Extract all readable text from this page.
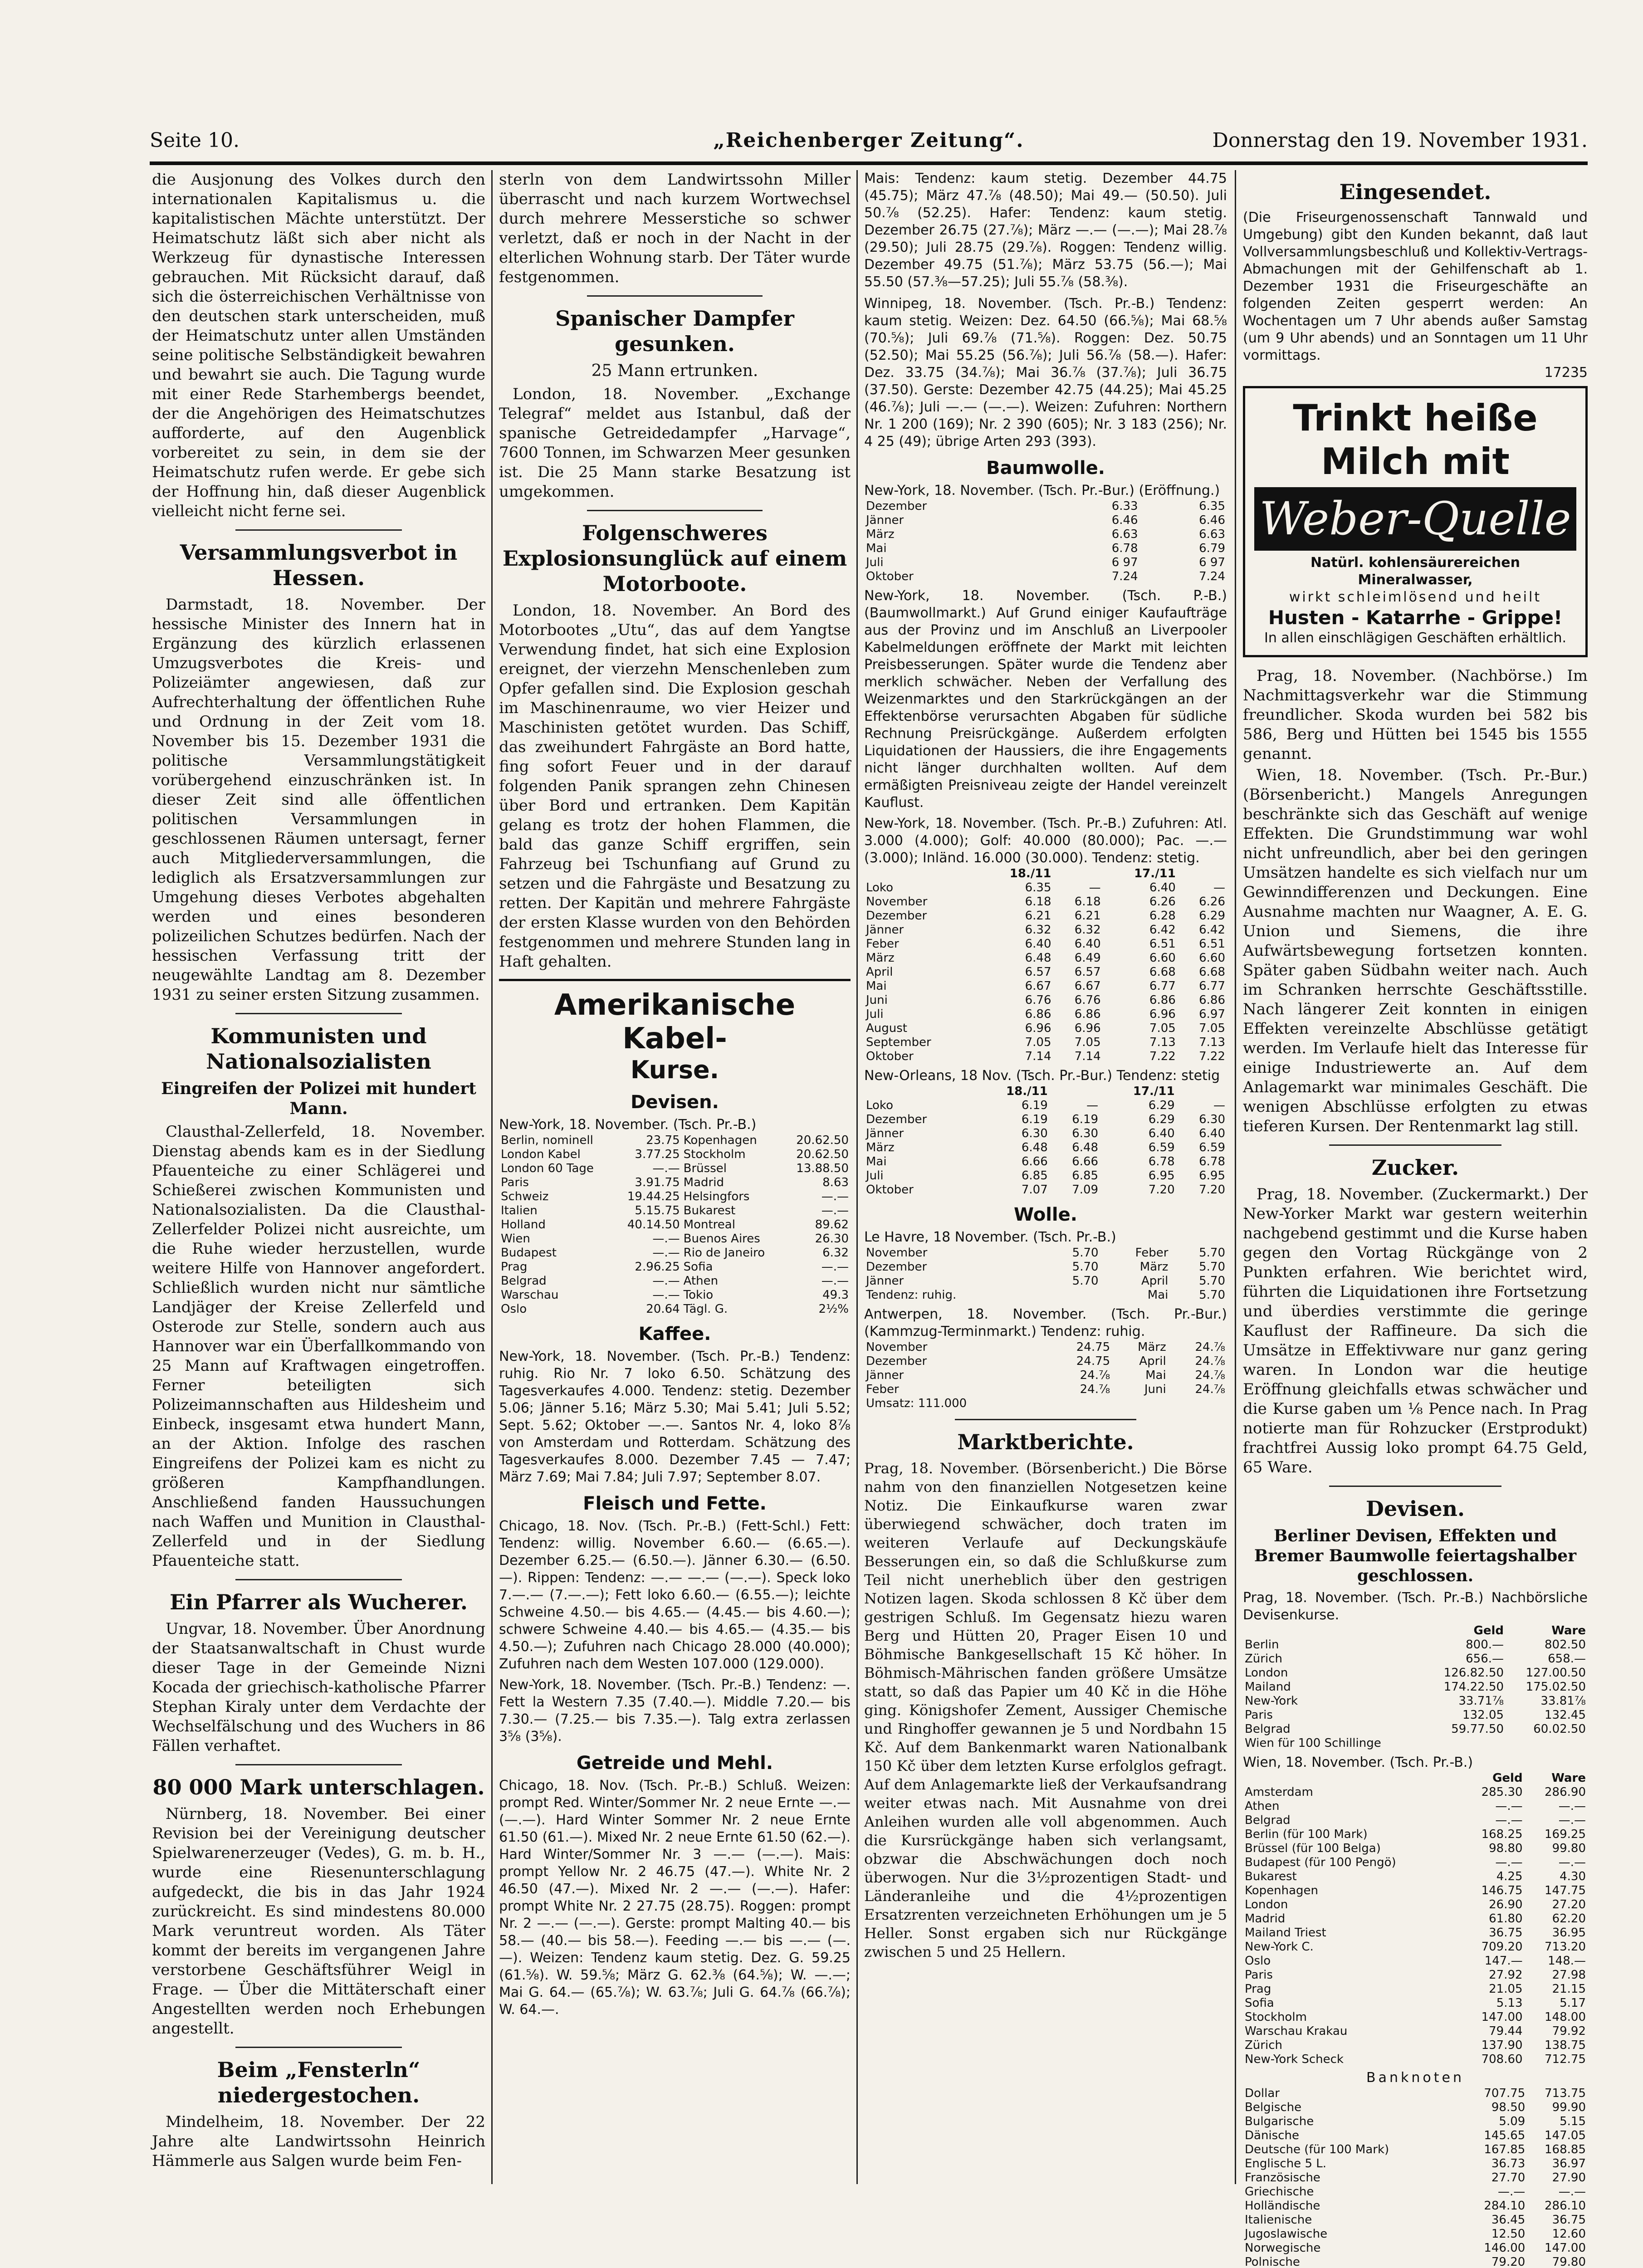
Seite 10.	„Reichenberger Zeitung“.	Donnerstag den 19. November 1931.

die Ausjonung des Volkes durch den internationalen Kapitalismus u. die kapitalistischen Mächte unterstützt. Der Heimatschutz läßt sich aber nicht als Werkzeug für dynastische Interessen gebrauchen. Mit Rücksicht darauf, daß sich die österreichischen Verhältnisse von den deutschen stark unterscheiden, muß der Heimatschutz unter allen Umständen seine politische Selbständigkeit bewahren und bewahrt sie auch. Die Tagung wurde mit einer Rede Starhembergs beendet, der die Angehörigen des Heimatschutzes aufforderte, auf den Augenblick vorbereitet zu sein, in dem sie der Heimatschutz rufen werde. Er gebe sich der Hoffnung hin, daß dieser Augenblick vielleicht nicht ferne sei.

Versammlungsverbot in Hessen.

Darmstadt, 18. November. Der hessische Minister des Innern hat in Ergänzung des kürzlich erlassenen Umzugsverbotes die Kreis- und Polizeiämter angewiesen, daß zur Aufrechterhaltung der öffentlichen Ruhe und Ordnung in der Zeit vom 18. November bis 15. Dezember 1931 die politische Versammlungstätigkeit vorübergehend einzuschränken ist. In dieser Zeit sind alle öffentlichen politischen Versammlungen in geschlossenen Räumen untersagt, ferner auch Mitgliederversammlungen, die lediglich als Ersatzversammlungen zur Umgehung dieses Verbotes abgehalten werden und eines besonderen polizeilichen Schutzes bedürfen. Nach der hessischen Verfassung tritt der neugewählte Landtag am 8. Dezember 1931 zu seiner ersten Sitzung zusammen.

Kommunisten und Nationalsozialisten
Eingreifen der Polizei mit hundert Mann.

Clausthal-Zellerfeld, 18. November. Dienstag abends kam es in der Siedlung Pfauenteiche zu einer Schlägerei und Schießerei zwischen Kommunisten und Nationalsozialisten. Da die Clausthal-Zellerfelder Polizei nicht ausreichte, um die Ruhe wieder herzustellen, wurde weitere Hilfe von Hannover angefordert. Schließlich wurden nicht nur sämtliche Landjäger der Kreise Zellerfeld und Osterode zur Stelle, sondern auch aus Hannover war ein Überfallkommando von 25 Mann auf Kraftwagen eingetroffen. Ferner beteiligten sich Polizeimannschaften aus Hildesheim und Einbeck, insgesamt etwa hundert Mann, an der Aktion. Infolge des raschen Eingreifens der Polizei kam es nicht zu größeren Kampfhandlungen. Anschließend fanden Haussuchungen nach Waffen und Munition in Clausthal-Zellerfeld und in der Siedlung Pfauenteiche statt.

Ein Pfarrer als Wucherer.

Ungvar, 18. November. Über Anordnung der Staatsanwaltschaft in Chust wurde dieser Tage in der Gemeinde Nizni Kocada der griechisch-katholische Pfarrer Stephan Kiraly unter dem Verdachte der Wechselfälschung und des Wuchers in 86 Fällen verhaftet.

80 000 Mark unterschlagen.

Nürnberg, 18. November. Bei einer Revision bei der Vereinigung deutscher Spielwarenerzeuger (Vedes), G. m. b. H., wurde eine Riesenunterschlagung aufgedeckt, die bis in das Jahr 1924 zurückreicht. Es sind mindestens 80.000 Mark veruntreut worden. Als Täter kommt der bereits im vergangenen Jahre verstorbene Geschäftsführer Weigl in Frage. — Über die Mittäterschaft einer Angestellten werden noch Erhebungen angestellt.

Beim „Fensterln“ niedergestochen.

Mindelheim, 18. November. Der 22 Jahre alte Landwirtssohn Heinrich Hämmerle aus Salgen wurde beim Fen-

sterln von dem Landwirtssohn Miller überrascht und nach kurzem Wortwechsel durch mehrere Messerstiche so schwer verletzt, daß er noch in der Nacht in der elterlichen Wohnung starb. Der Täter wurde festgenommen.

Spanischer Dampfer gesunken.
25 Mann ertrunken.

London, 18. November. „Exchange Telegraf“ meldet aus Istanbul, daß der spanische Getreidedampfer „Harvage“, 7600 Tonnen, im Schwarzen Meer gesunken ist. Die 25 Mann starke Besatzung ist umgekommen.

Folgenschweres Explosionsunglück auf einem Motorboote.

London, 18. November. An Bord des Motorbootes „Utu“, das auf dem Yangtse Verwendung findet, hat sich eine Explosion ereignet, der vierzehn Menschenleben zum Opfer gefallen sind. Die Explosion geschah im Maschinenraume, wo vier Heizer und Maschinisten getötet wurden. Das Schiff, das zweihundert Fahrgäste an Bord hatte, fing sofort Feuer und in der darauf folgenden Panik sprangen zehn Chinesen über Bord und ertranken. Dem Kapitän gelang es trotz der hohen Flammen, die bald das ganze Schiff ergriffen, sein Fahrzeug bei Tschunfiang auf Grund zu setzen und die Fahrgäste und Besatzung zu retten. Der Kapitän und mehrere Fahrgäste der ersten Klasse wurden von den Behörden festgenommen und mehrere Stunden lang in Haft gehalten.

Amerikanische Kabel-
Kurse.
Devisen.
New-York, 18. November. (Tsch. Pr.-B.)
Berlin, nominell	23.75	Kopenhagen	20.62.50
London Kabel	3.77.25	Stockholm	20.62.50
London 60 Tage	—.—	Brüssel	13.88.50
Paris	3.91.75	Madrid	8.63
Schweiz	19.44.25	Helsingfors	—.—
Italien	5.15.75	Bukarest	—.—
Holland	40.14.50	Montreal	89.62
Wien	—.—	Buenos Aires	26.30
Budapest	—.—	Rio de Janeiro	6.32
Prag	2.96.25	Sofia	—.—
Belgrad	—.—	Athen	—.—
Warschau	—.—	Tokio	49.3
Oslo	20.64	Tägl. G.	2½%
Kaffee.
New-York, 18. November. (Tsch. Pr.-B.) Tendenz: ruhig. Rio Nr. 7 loko 6.50. Schätzung des Tagesverkaufes 4.000. Tendenz: stetig. Dezember 5.06; Jänner 5.16; März 5.30; Mai 5.41; Juli 5.52; Sept. 5.62; Oktober —.—. Santos Nr. 4, loko 8⅞ von Amsterdam und Rotterdam. Schätzung des Tagesverkaufes 8.000. Dezember 7.45 — 7.47; März 7.69; Mai 7.84; Juli 7.97; September 8.07.
Fleisch und Fette.
Chicago, 18. Nov. (Tsch. Pr.-B.) (Fett-Schl.) Fett: Tendenz: willig. November 6.60.— (6.65.—). Dezember 6.25.— (6.50.—). Jänner 6.30.— (6.50.—). Rippen: Tendenz: —.— —.— (—.—). Speck loko 7.—.— (7.—.—); Fett loko 6.60.— (6.55.—); leichte Schweine 4.50.— bis 4.65.— (4.45.— bis 4.60.—); schwere Schweine 4.40.— bis 4.65.— (4.35.— bis 4.50.—); Zufuhren nach Chicago 28.000 (40.000); Zufuhren nach dem Westen 107.000 (129.000).
New-York, 18. November. (Tsch. Pr.-B.) Tendenz: —. Fett la Western 7.35 (7.40.—). Middle 7.20.— bis 7.30.— (7.25.— bis 7.35.—). Talg extra zerlassen 3⅝ (3⅝).
Getreide und Mehl.
Chicago, 18. Nov. (Tsch. Pr.-B.) Schluß. Weizen: prompt Red. Winter/Sommer Nr. 2 neue Ernte —.— (—.—). Hard Winter Sommer Nr. 2 neue Ernte 61.50 (61.—). Mixed Nr. 2 neue Ernte 61.50 (62.—). Hard Winter/Sommer Nr. 3 —.— (—.—). Mais: prompt Yellow Nr. 2 46.75 (47.—). White Nr. 2 46.50 (47.—). Mixed Nr. 2 —.— (—.—). Hafer: prompt White Nr. 2 27.75 (28.75). Roggen: prompt Nr. 2 —.— (—.—). Gerste: prompt Malting 40.— bis 58.— (40.— bis 58.—). Feeding —.— bis —.— (—.—). Weizen: Tendenz kaum stetig. Dez. G. 59.25 (61.⅝). W. 59.⅝; März G. 62.⅜ (64.⅝); W. —.—; Mai G. 64.— (65.⅞); W. 63.⅞; Juli G. 64.⅞ (66.⅞); W. 64.—.
Mais: Tendenz: kaum stetig. Dezember 44.75 (45.75); März 47.⅞ (48.50); Mai 49.— (50.50). Juli 50.⅞ (52.25). Hafer: Tendenz: kaum stetig. Dezember 26.75 (27.⅞); März —.— (—.—); Mai 28.⅞ (29.50); Juli 28.75 (29.⅞). Roggen: Tendenz willig. Dezember 49.75 (51.⅞); März 53.75 (56.—); Mai 55.50 (57.⅜—57.25); Juli 55.⅞ (58.⅜).
Winnipeg, 18. November. (Tsch. Pr.-B.) Tendenz: kaum stetig. Weizen: Dez. 64.50 (66.⅝); Mai 68.⅝ (70.⅝); Juli 69.⅞ (71.⅝). Roggen: Dez. 50.75 (52.50); Mai 55.25 (56.⅞); Juli 56.⅞ (58.—). Hafer: Dez. 33.75 (34.⅞); Mai 36.⅞ (37.⅞); Juli 36.75 (37.50). Gerste: Dezember 42.75 (44.25); Mai 45.25 (46.⅞); Juli —.— (—.—). Weizen: Zufuhren: Northern Nr. 1 200 (169); Nr. 2 390 (605); Nr. 3 183 (256); Nr. 4 25 (49); übrige Arten 293 (393).
Baumwolle.
New-York, 18. November. (Tsch. Pr.-Bur.) (Eröffnung.)
Dezember	6.33	6.35
Jänner	6.46	6.46
März	6.63	6.63
Mai	6.78	6.79
Juli	6 97	6 97
Oktober	7.24	7.24
New-York, 18. November. (Tsch. P.-B.) (Baumwollmarkt.) Auf Grund einiger Kaufaufträge aus der Provinz und im Anschluß an Liverpooler Kabelmeldungen eröffnete der Markt mit leichten Preisbesserungen. Später wurde die Tendenz aber merklich schwächer. Neben der Verfallung des Weizenmarktes und den Starkrückgängen an der Effektenbörse verursachten Abgaben für südliche Rechnung Preisrückgänge. Außerdem erfolgten Liquidationen der Haussiers, die ihre Engagements nicht länger durchhalten wollten. Auf dem ermäßigten Preisniveau zeigte der Handel vereinzelt Kauflust.
New-York, 18. November. (Tsch. Pr.-B.) Zufuhren: Atl. 3.000 (4.000); Golf: 40.000 (80.000); Pac. —.— (3.000); Inländ. 16.000 (30.000). Tendenz: stetig.
	18./11		17./11	
Loko	6.35	—	6.40	—
November	6.18	6.18	6.26	6.26
Dezember	6.21	6.21	6.28	6.29
Jänner	6.32	6.32	6.42	6.42
Feber	6.40	6.40	6.51	6.51
März	6.48	6.49	6.60	6.60
April	6.57	6.57	6.68	6.68
Mai	6.67	6.67	6.77	6.77
Juni	6.76	6.76	6.86	6.86
Juli	6.86	6.86	6.96	6.97
August	6.96	6.96	7.05	7.05
September	7.05	7.05	7.13	7.13
Oktober	7.14	7.14	7.22	7.22
New-Orleans, 18 Nov. (Tsch. Pr.-Bur.) Tendenz: stetig
	18./11		17./11	
Loko	6.19	—	6.29	—
Dezember	6.19	6.19	6.29	6.30
Jänner	6.30	6.30	6.40	6.40
März	6.48	6.48	6.59	6.59
Mai	6.66	6.66	6.78	6.78
Juli	6.85	6.85	6.95	6.95
Oktober	7.07	7.09	7.20	7.20
Wolle.
Le Havre, 18 November. (Tsch. Pr.-B.)
November	5.70	Feber	5.70
Dezember	5.70	März	5.70
Jänner	5.70	April	5.70
Tendenz: ruhig.		Mai	5.70
Antwerpen, 18. November. (Tsch. Pr.-Bur.) (Kammzug-Terminmarkt.) Tendenz: ruhig.
November	24.75	März	24.⅞
Dezember	24.75	April	24.⅞
Jänner	24.⅞	Mai	24.⅞
Feber	24.⅞	Juni	24.⅞
Umsatz: 111.000			
Marktberichte.
Prag, 18. November. (Börsenbericht.) Die Börse nahm von den finanziellen Notgesetzen keine Notiz. Die Einkaufkurse waren zwar überwiegend schwächer, doch traten im weiteren Verlaufe auf Deckungskäufe Besserungen ein, so daß die Schlußkurse zum Teil nicht unerheblich über den gestrigen Notizen lagen. Skoda schlossen 8 Kč über dem gestrigen Schluß. Im Gegensatz hiezu waren Berg und Hütten 20, Prager Eisen 10 und Böhmische Bankgesellschaft 15 Kč höher. In Böhmisch-Mährischen fanden größere Umsätze statt, so daß das Papier um 40 Kč in die Höhe ging. Königshofer Zement, Aussiger Chemische und Ringhoffer gewannen je 5 und Nordbahn 15 Kč. Auf dem Bankenmarkt waren Nationalbank 150 Kč über dem letzten Kurse erfolglos gefragt. Auf dem Anlagemarkte ließ der Verkaufsandrang weiter etwas nach. Mit Ausnahme von drei Anleihen wurden alle voll abgenommen. Auch die Kursrückgänge haben sich verlangsamt, obzwar die Abschwächungen doch noch überwogen. Nur die 3½prozentigen Stadt- und Länderanleihe und die 4½prozentigen Ersatzrenten verzeichneten Erhöhungen um je 5 Heller. Sonst ergaben sich nur Rückgänge zwischen 5 und 25 Hellern.
Eingesendet.
(Die Friseurgenossenschaft Tannwald und Umgebung) gibt den Kunden bekannt, daß laut Vollversammlungsbeschluß und Kollektiv-Vertrags-Abmachungen mit der Gehilfenschaft ab 1. Dezember 1931 die Friseurgeschäfte an folgenden Zeiten gesperrt werden: An Wochentagen um 7 Uhr abends außer Samstag (um 9 Uhr abends) und an Sonntagen um 11 Uhr vormittags.
17235
Trinkt heiße Milch mit
Weber-Quelle
Natürl. kohlensäurereichen Mineralwasser,
wirkt schleimlösend und heilt
Husten - Katarrhe - Grippe!
In allen einschlägigen Geschäften erhältlich.

Prag, 18. November. (Nachbörse.) Im Nachmittagsverkehr war die Stimmung freundlicher. Skoda wurden bei 582 bis 586, Berg und Hütten bei 1545 bis 1555 genannt.

Wien, 18. November. (Tsch. Pr.-Bur.) (Börsenbericht.) Mangels Anregungen beschränkte sich das Geschäft auf wenige Effekten. Die Grundstimmung war wohl nicht unfreundlich, aber bei den geringen Umsätzen handelte es sich vielfach nur um Gewinndifferenzen und Deckungen. Eine Ausnahme machten nur Waagner, A. E. G. Union und Siemens, die ihre Aufwärtsbewegung fortsetzen konnten. Später gaben Südbahn weiter nach. Auch im Schranken herrschte Geschäftsstille. Nach längerer Zeit konnten in einigen Effekten vereinzelte Abschlüsse getätigt werden. Im Verlaufe hielt das Interesse für einige Industriewerte an. Auf dem Anlagemarkt war minimales Geschäft. Die wenigen Abschlüsse erfolgten zu etwas tieferen Kursen. Der Rentenmarkt lag still.

Zucker.

Prag, 18. November. (Zuckermarkt.) Der New-Yorker Markt war gestern weiterhin nachgebend gestimmt und die Kurse haben gegen den Vortag Rückgänge von 2 Punkten erfahren. Wie berichtet wird, führten die Liquidationen ihre Fortsetzung und überdies verstimmte die geringe Kauflust der Raffineure. Da sich die Umsätze in Effektivware nur ganz gering waren. In London war die heutige Eröffnung gleichfalls etwas schwächer und die Kurse gaben um ⅛ Pence nach. In Prag notierte man für Rohzucker (Erstprodukt) frachtfrei Aussig loko prompt 64.75 Geld, 65 Ware.

Devisen.
Berliner Devisen, Effekten und Bremer Baumwolle feiertagshalber geschlossen.
Prag, 18. November. (Tsch. Pr.-B.) Nachbörsliche Devisenkurse.
	Geld	Ware
Berlin	800.—	802.50
Zürich	656.—	658.—
London	126.82.50	127.00.50
Mailand	174.22.50	175.02.50
New-York	33.71⅞	33.81⅞
Paris	132.05	132.45
Belgrad	59.77.50	60.02.50
Wien für 100 Schillinge		
Wien, 18. November. (Tsch. Pr.-B.)
	Geld	Ware
Amsterdam	285.30	286.90
Athen	—.—	—.—
Belgrad	—.—	—.—
Berlin (für 100 Mark)	168.25	169.25
Brüssel (für 100 Belga)	98.80	99.80
Budapest (für 100 Pengö)	—.—	—.—
Bukarest	4.25	4.30
Kopenhagen	146.75	147.75
London	26.90	27.20
Madrid	61.80	62.20
Mailand Triest	36.75	36.95
New-York C.	709.20	713.20
Oslo	147.—	148.—
Paris	27.92	27.98
Prag	21.05	21.15
Sofia	5.13	5.17
Stockholm	147.00	148.00
Warschau Krakau	79.44	79.92
Zürich	137.90	138.75
New-York Scheck	708.60	712.75
Banknoten
Dollar	707.75	713.75
Belgische	98.50	99.90
Bulgarische	5.09	5.15
Dänische	145.65	147.05
Deutsche (für 100 Mark)	167.85	168.85
Englische 5 L.	36.73	36.97
Französische	27.70	27.90
Griechische	—.—	—.—
Holländische	284.10	286.10
Italienische	36.45	36.75
Jugoslawische	12.50	12.60
Norwegische	146.00	147.00
Polnische	79.20	79.80
